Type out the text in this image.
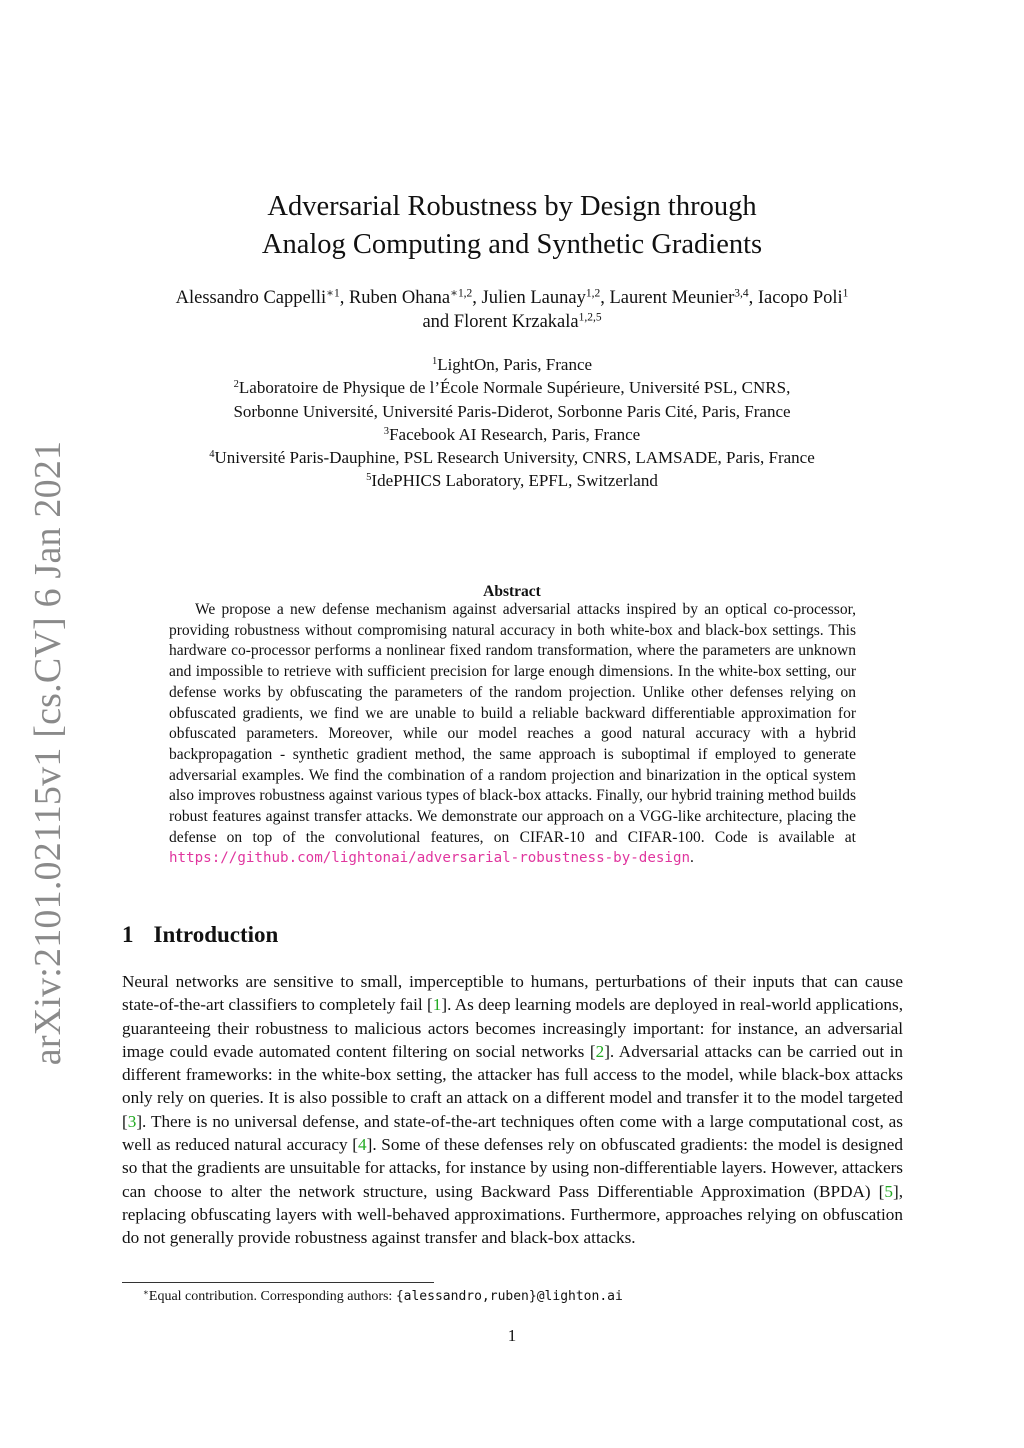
arXiv:2101.02115v1 [cs.CV] 6 Jan 2021
Adversarial Robustness by Design through
Analog Computing and Synthetic Gradients
Alessandro Cappelli$^{∗1}$, Ruben Ohana$^{∗1,2}$, Julien Launay$^{1,2}$, Laurent Meunier$^{3,4}$, Iacopo Poli$^1$
and Florent Krzakala$^{1,2,5}$
$^1$LightOn, Paris, France
$^2$Laboratoire de Physique de l’École Normale Supérieure, Université PSL, CNRS,
Sorbonne Université, Université Paris-Diderot, Sorbonne Paris Cité, Paris, France
$^3$Facebook AI Research, Paris, France
$^4$Université Paris-Dauphine, PSL Research University, CNRS, LAMSADE, Paris, France
$^5$IdePHICS Laboratory, EPFL, Switzerland
Abstract
We propose a new defense mechanism against adversarial attacks inspired by an optical co-processor, providing robustness without compromising natural accuracy in both white-box and black-box settings. This hardware co-processor performs a nonlinear fixed random transformation, where the parameters are unknown and impossible to retrieve with sufficient precision for large enough dimensions. In the white-box setting, our defense works by obfuscating the parameters of the random projection. Unlike other defenses relying on obfuscated gradients, we find we are unable to build a reliable backward differentiable approximation for obfuscated parameters. Moreover, while our model reaches a good natural accuracy with a hybrid backpropagation - synthetic gradient method, the same approach is suboptimal if employed to generate adversarial examples. We find the combination of a random projection and binarization in the optical system also improves robustness against various types of black-box attacks. Finally, our hybrid training method builds robust features against transfer attacks. We demonstrate our approach on a VGG-like architecture, placing the defense on top of the convolutional features, on CIFAR-10 and CIFAR-100. Code is available at https://github.com/lightonai/adversarial-robustness-by-design.
1 Introduction
Neural networks are sensitive to small, imperceptible to humans, perturbations of their inputs that can cause state-of-the-art classifiers to completely fail [1]. As deep learning models are deployed in real-world applications, guaranteeing their robustness to malicious actors becomes increasingly important: for instance, an adversarial image could evade automated content filtering on social networks [2]. Adversarial attacks can be carried out in different frameworks: in the white-box setting, the attacker has full access to the model, while black-box attacks only rely on queries. It is also possible to craft an attack on a different model and transfer it to the model targeted [3]. There is no universal defense, and state-of-the-art techniques often come with a large computational cost, as well as reduced natural accuracy [4]. Some of these defenses rely on obfuscated gradients: the model is designed so that the gradients are unsuitable for attacks, for instance by using non-differentiable layers. However, attackers can choose to alter the network structure, using Backward Pass Differentiable Approximation (BPDA) [5], replacing obfuscating layers with well-behaved approximations. Furthermore, approaches relying on obfuscation do not generally provide robustness against transfer and black-box attacks.
∗Equal contribution. Corresponding authors: {alessandro,ruben}@lighton.ai
1
